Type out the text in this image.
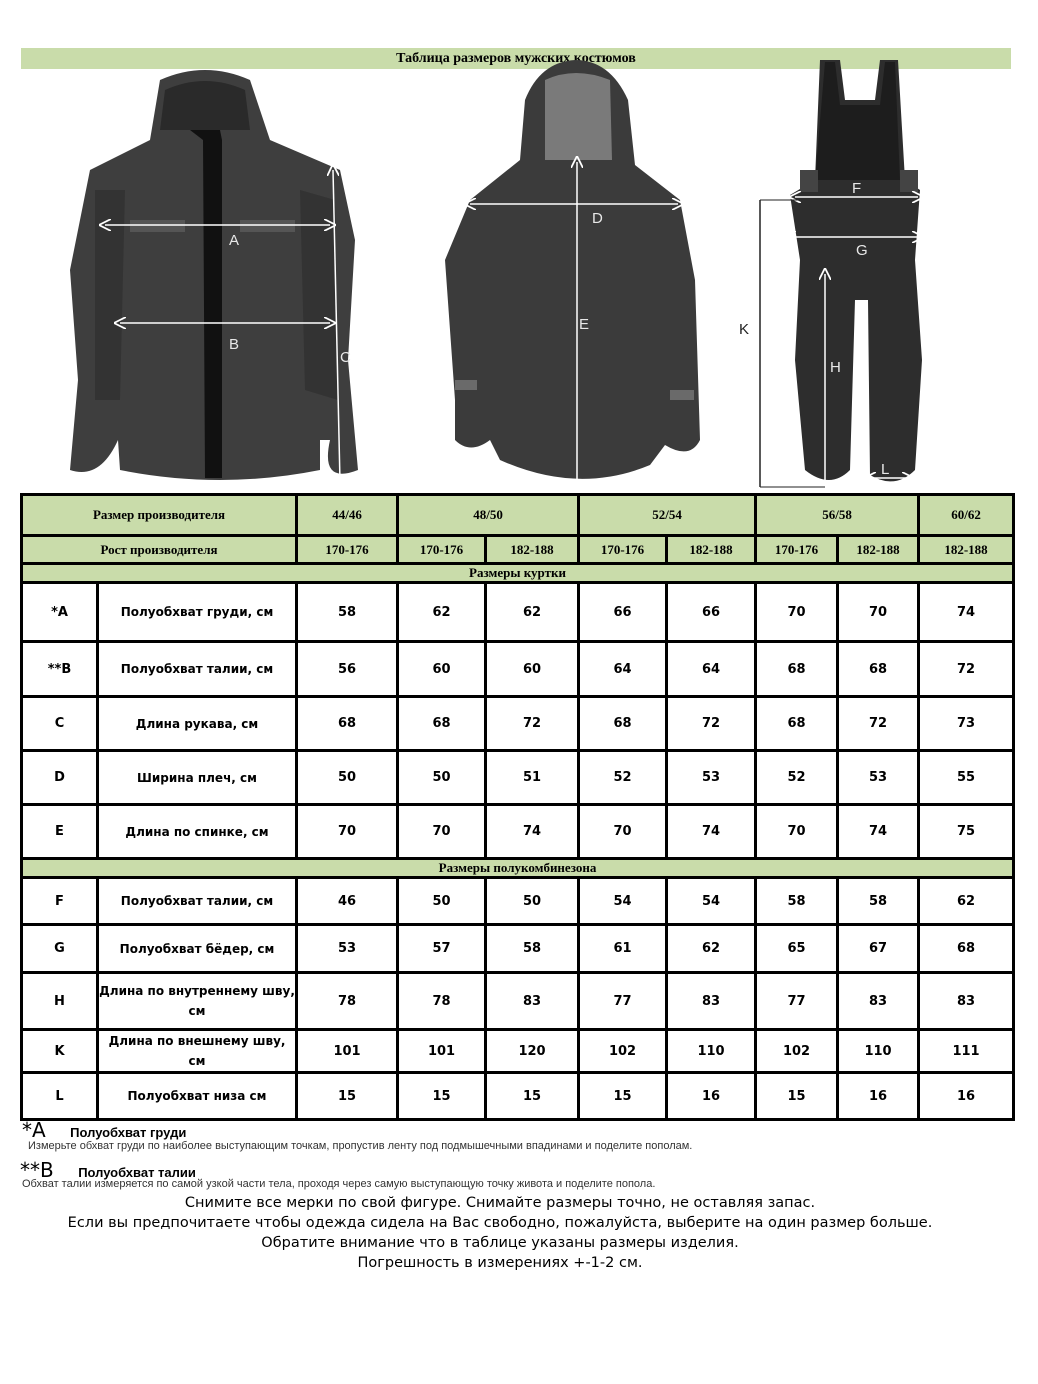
Таблица размеров мужских костюмов
A
B
C
D
E
F
G
H
K
L
Размер производителя		44/46	48/50		52/54		56/58		60/62
Рост производителя		170-176	170-176	182-188	170-176	182-188	170-176	182-188	182-188
Размеры куртки									
*A	Полуобхват груди, см	58	62	62	66	66	70	70	74
**B	Полуобхват талии, см	56	60	60	64	64	68	68	72
C	Длина рукава, см	68	68	72	68	72	68	72	73
D	Ширина плеч, см	50	50	51	52	53	52	53	55
E	Длина по спинке, см	70	70	74	70	74	70	74	75
Размеры полукомбинезона									
F	Полуобхват талии, см	46	50	50	54	54	58	58	62
G	Полуобхват бёдер, см	53	57	58	61	62	65	67	68
H	Длина по внутреннему шву, см	78	78	83	77	83	77	83	83
K	Длина по внешнему шву, см	101	101	120	102	110	102	110	111
L	Полуобхват низа см	15	15	15	15	16	15	16	16
*A Полуобхват груди
Измерьте обхват груди по наиболее выступающим точкам, пропустив ленту под подмышечными впадинами и поделите пополам.
**B Полуобхват талии
Обхват талии измеряется по самой узкой части тела, проходя через самую выступающую точку живота и поделите попола.
Снимите все мерки по свой фигуре. Снимайте размеры точно, не оставляя запас.
Если вы предпочитаете чтобы одежда сидела на Вас свободно, пожалуйста, выберите на один размер больше.
Обратите внимание что в таблице указаны размеры изделия.
Погрешность в измерениях +-1-2 см.
